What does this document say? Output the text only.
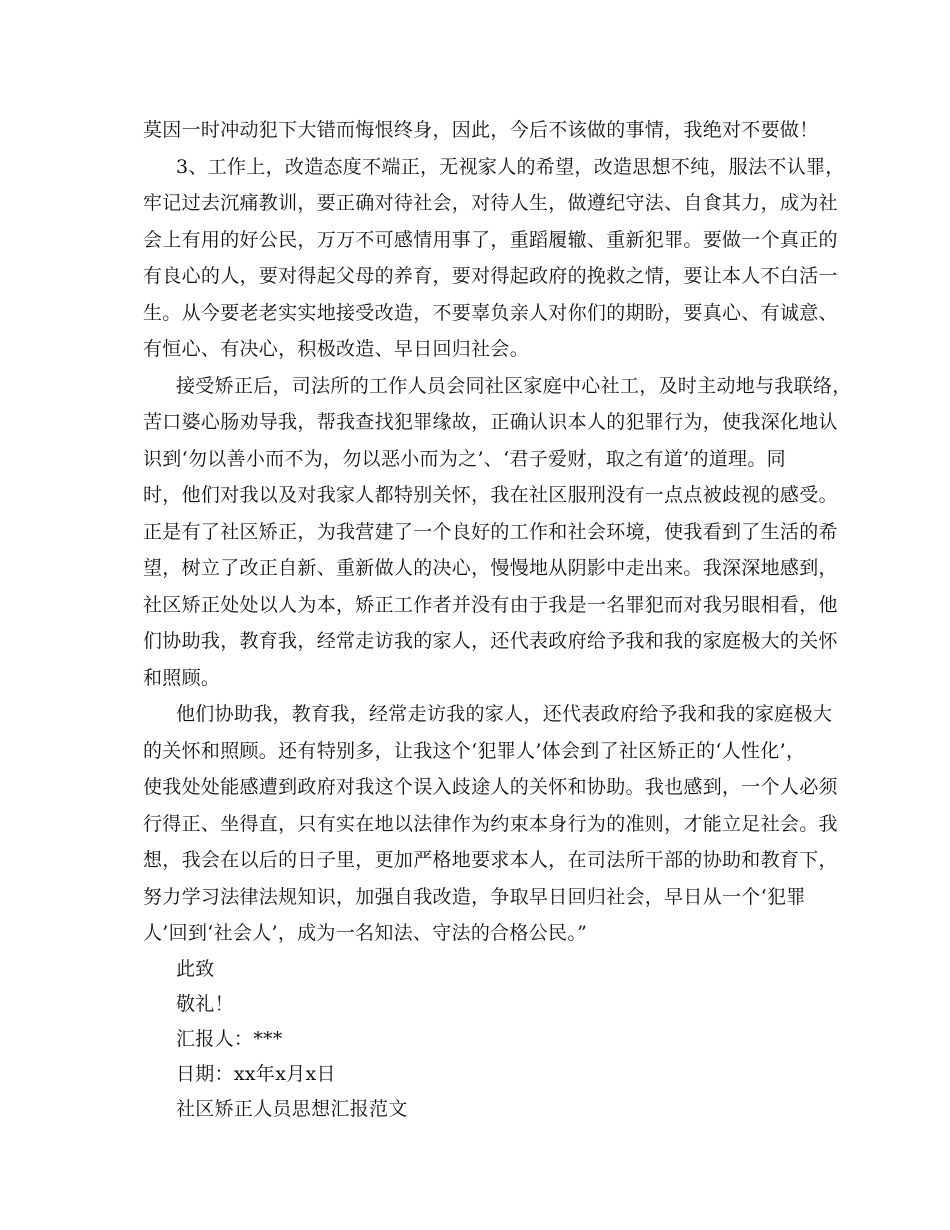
莫因一时冲动犯下大错而悔恨终身，因此，今后不该做的事情，我绝对不要做！
3、工作上，改造态度不端正，无视家人的希望，改造思想不纯，服法不认罪，
牢记过去沉痛教训，要正确对待社会，对待人生，做遵纪守法、自食其力，成为社
会上有用的好公民，万万不可感情用事了，重蹈履辙、重新犯罪。要做一个真正的
有良心的人，要对得起父母的养育，要对得起政府的挽救之情，要让本人不白活一
生。从今要老老实实地接受改造，不要辜负亲人对你们的期盼，要真心、有诚意、
有恒心、有决心，积极改造、早日回归社会。
接受矫正后，司法所的工作人员会同社区家庭中心社工，及时主动地与我联络，
苦口婆心肠劝导我，帮我查找犯罪缘故，正确认识本人的犯罪行为，使我深化地认
识到‘勿以善小而不为，勿以恶小而为之’、‘君子爱财，取之有道’的道理。同
时，他们对我以及对我家人都特别关怀，我在社区服刑没有一点点被歧视的感受。
正是有了社区矫正，为我营建了一个良好的工作和社会环境，使我看到了生活的希
望，树立了改正自新、重新做人的决心，慢慢地从阴影中走出来。我深深地感到，
社区矫正处处以人为本，矫正工作者并没有由于我是一名罪犯而对我另眼相看，他
们协助我，教育我，经常走访我的家人，还代表政府给予我和我的家庭极大的关怀
和照顾。
他们协助我，教育我，经常走访我的家人，还代表政府给予我和我的家庭极大
的关怀和照顾。还有特别多，让我这个‘犯罪人’体会到了社区矫正的‘人性化’，
使我处处能感遭到政府对我这个误入歧途人的关怀和协助。我也感到，一个人必须
行得正、坐得直，只有实在地以法律作为约束本身行为的准则，才能立足社会。我
想，我会在以后的日子里，更加严格地要求本人，在司法所干部的协助和教育下，
努力学习法律法规知识，加强自我改造，争取早日回归社会，早日从一个‘犯罪
人’回到‘社会人’，成为一名知法、守法的合格公民。”
此致
敬礼！
汇报人：***
日期：xx年x月x日
社区矫正人员思想汇报范文
